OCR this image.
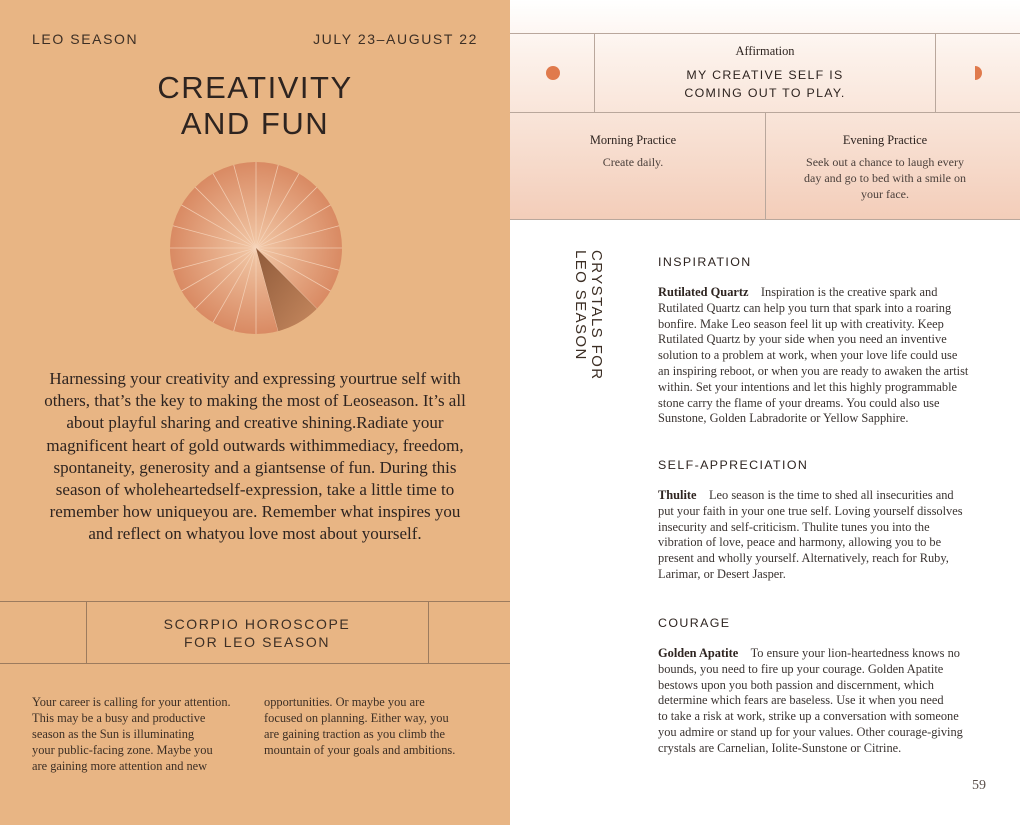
LEO SEASON	JULY 23–AUGUST 22
CREATIVITY
AND FUN
Harnessing your creativity and expressing yourtrue self with others, that’s the key to making the most of Leoseason. It’s all about playful sharing and creative shining.Radiate your magnificent heart of gold outwards withimmediacy, freedom, spontaneity, generosity and a giantsense of fun. During this season of wholeheartedself-expression, take a little time to remember how uniqueyou are. Remember what inspires you and reflect on whatyou love most about yourself.
SCORPIO HOROSCOPE
FOR LEO SEASON
Your career is calling for your attention.
This may be a busy and productive
season as the Sun is illuminating
your public-facing zone. Maybe you
are gaining more attention and new
opportunities. Or maybe you are
focused on planning. Either way, you
are gaining traction as you climb the
mountain of your goals and ambitions.
Affirmation
MY CREATIVE SELF IS
COMING OUT TO PLAY.
Morning Practice
Create daily.
Evening Practice
Seek out a chance to laugh every
day and go to bed with a smile on
your face.
CRYSTALS FOR
LEO SEASON	INSPIRATION
Rutilated Quartz  Inspiration is the creative spark and
Rutilated Quartz can help you turn that spark into a roaring
bonfire. Make Leo season feel lit up with creativity. Keep
Rutilated Quartz by your side when you need an inventive
solution to a problem at work, when your love life could use
an inspiring reboot, or when you are ready to awaken the artist
within. Set your intentions and let this highly programmable
stone carry the flame of your dreams. You could also use
Sunstone, Golden Labradorite or Yellow Sapphire.
SELF-APPRECIATION
Thulite  Leo season is the time to shed all insecurities and
put your faith in your one true self. Loving yourself dissolves
insecurity and self-criticism. Thulite tunes you into the
vibration of love, peace and harmony, allowing you to be
present and wholly yourself. Alternatively, reach for Ruby,
Larimar, or Desert Jasper.
COURAGE
Golden Apatite  To ensure your lion-heartedness knows no
bounds, you need to fire up your courage. Golden Apatite
bestows upon you both passion and discernment, which
determine which fears are baseless. Use it when you need
to take a risk at work, strike up a conversation with someone
you admire or stand up for your values. Other courage-giving
crystals are Carnelian, Iolite-Sunstone or Citrine.
59
